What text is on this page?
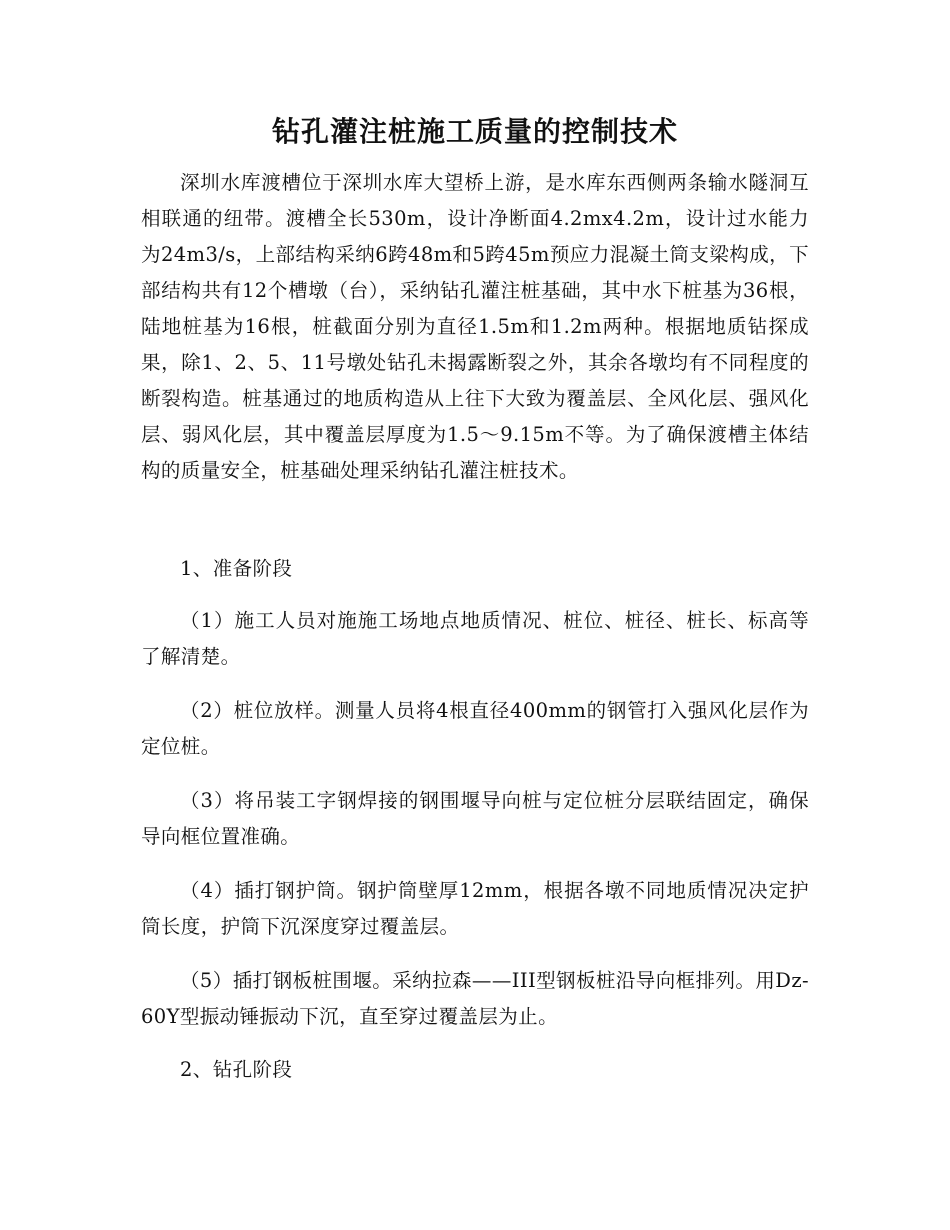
钻孔灌注桩施工质量的控制技术

深圳水库渡槽位于深圳水库大望桥上游，是水库东西侧两条输水隧洞互相联通的纽带。渡槽全长530m，设计净断面4.2mx4.2m，设计过水能力为24m3/s，上部结构采纳6跨48m和5跨45m预应力混凝土筒支梁构成，下部结构共有12个槽墩（台），采纳钻孔灌注桩基础，其中水下桩基为36根，陆地桩基为16根，桩截面分别为直径1.5m和1.2m两种。根据地质钻探成果，除1、2、5、11号墩处钻孔未揭露断裂之外，其余各墩均有不同程度的断裂构造。桩基通过的地质构造从上往下大致为覆盖层、全风化层、强风化层、弱风化层，其中覆盖层厚度为1.5～9.15m不等。为了确保渡槽主体结构的质量安全，桩基础处理采纳钻孔灌注桩技术。

1、准备阶段

（1）施工人员对施施工场地点地质情况、桩位、桩径、桩长、标高等了解清楚。

（2）桩位放样。测量人员将4根直径400mm的钢管打入强风化层作为定位桩。

（3）将吊装工字钢焊接的钢围堰导向桩与定位桩分层联结固定，确保导向框位置准确。

（4）插打钢护筒。钢护筒壁厚12mm，根据各墩不同地质情况决定护筒长度，护筒下沉深度穿过覆盖层。

（5）插打钢板桩围堰。采纳拉森——III型钢板桩沿导向框排列。用Dz-60Y型振动锤振动下沉，直至穿过覆盖层为止。

2、钻孔阶段
